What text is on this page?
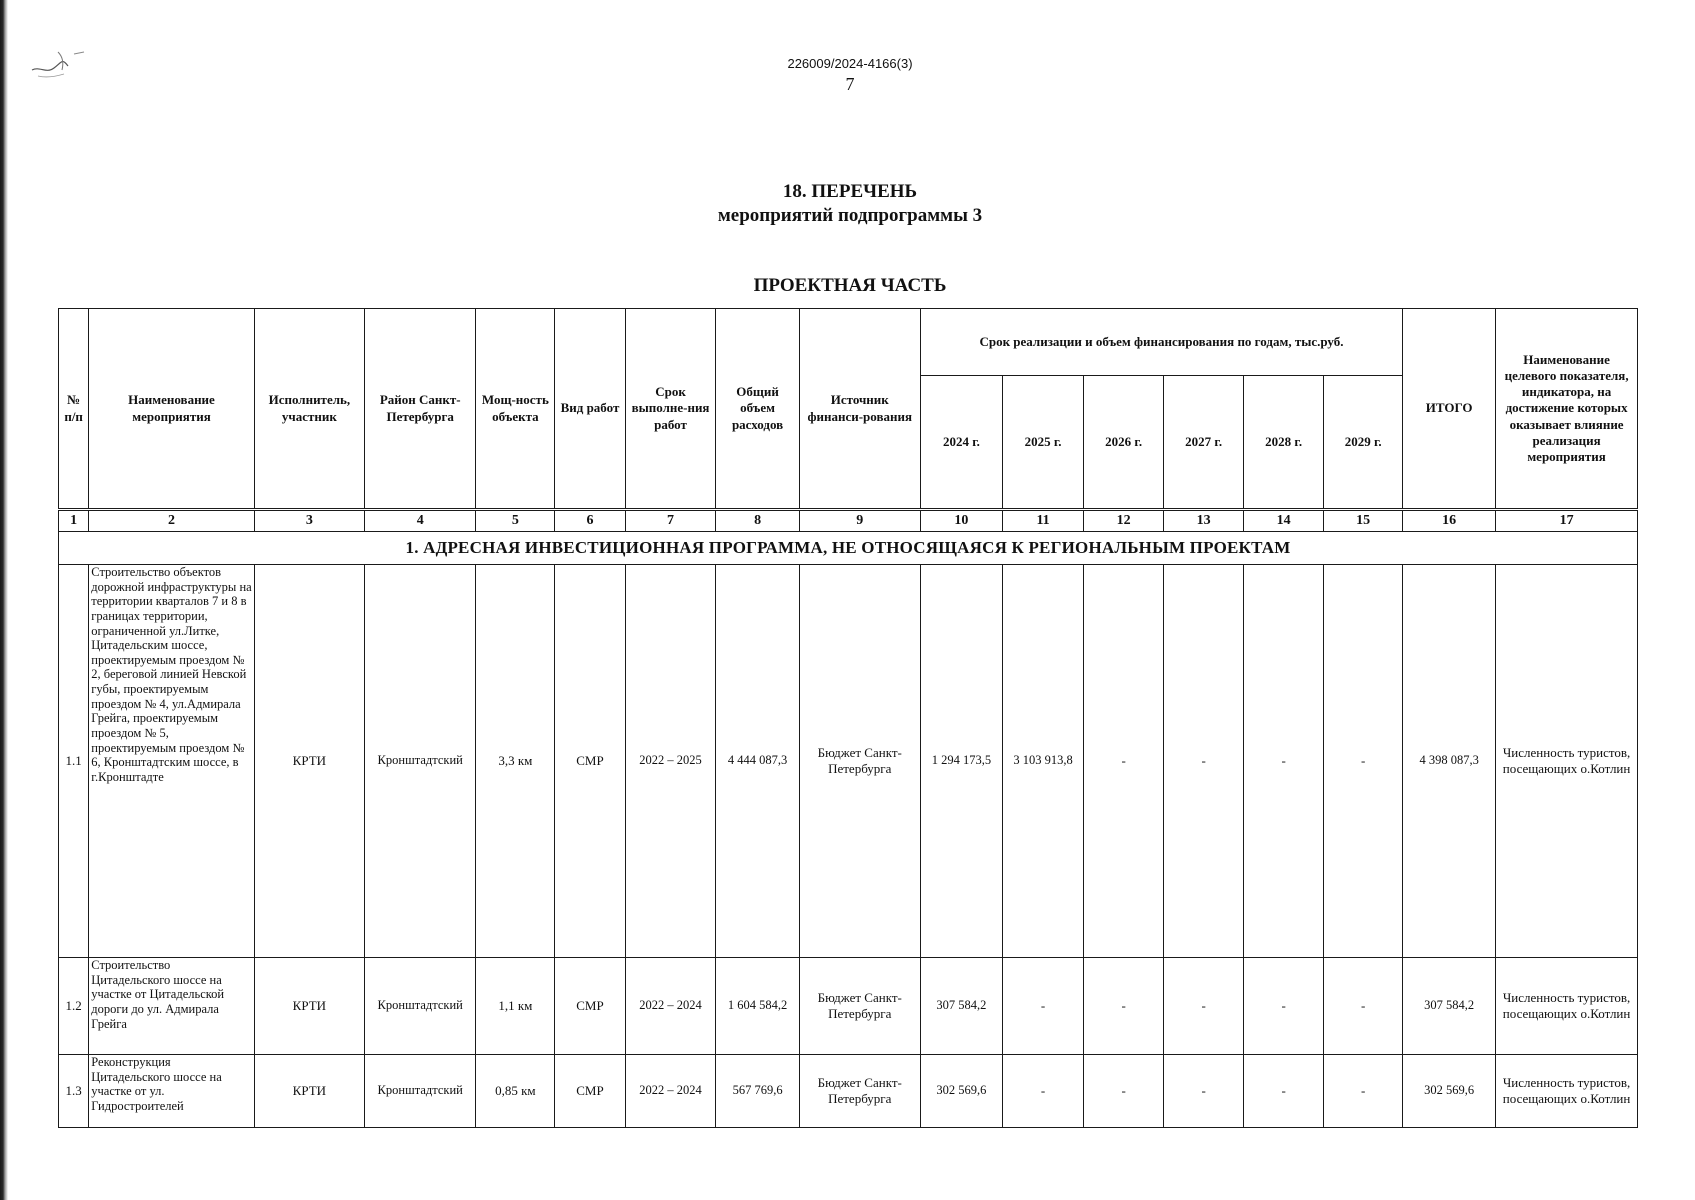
226009/2024-4166(3)
7
18. ПЕРЕЧЕНЬ
мероприятий подпрограммы 3
ПРОЕКТНАЯ ЧАСТЬ
№ п/п	Наименование мероприятия	Исполнитель, участник	Район Санкт-Петербурга	Мощ-ность объекта	Вид работ	Срок выполне-ния работ	Общий объем расходов	Источник финанси-рования	Срок реализации и объем финансирования по годам, тыс.руб.						ИТОГО	Наименование целевого показателя, индикатора, на достижение которых оказывает влияние реализация мероприятия
									2024 г.	2025 г.	2026 г.	2027 г.	2028 г.	2029 г.		
1	2	3	4	5	6	7	8	9	10	11	12	13	14	15	16	17
1. АДРЕСНАЯ ИНВЕСТИЦИОННАЯ ПРОГРАММА, НЕ ОТНОСЯЩАЯСЯ К РЕГИОНАЛЬНЫМ ПРОЕКТАМ																
1.1	Строительство объектов дорожной инфраструктуры на территории кварталов 7 и 8 в границах территории, ограниченной ул.Литке, Цитадельским шоссе, проектируемым проездом № 2, береговой линией Невской губы, проектируемым проездом № 4, ул.Адмирала Грейга, проектируемым проездом № 5, проектируемым проездом № 6, Кронштадтским шоссе, в г.Кронштадте	КРТИ	Кронштадтский	3,3 км	СМР	2022 – 2025	4 444 087,3	Бюджет Санкт-Петербурга	1 294 173,5	3 103 913,8	-	-	-	-	4 398 087,3	Численность туристов, посещающих о.Котлин
1.2	Строительство Цитадельского шоссе на участке от Цитадельской дороги до ул. Адмирала Грейга	КРТИ	Кронштадтский	1,1 км	СМР	2022 – 2024	1 604 584,2	Бюджет Санкт-Петербурга	307 584,2	-	-	-	-	-	307 584,2	Численность туристов, посещающих о.Котлин
1.3	Реконструкция Цитадельского шоссе на участке от ул. Гидростроителей	КРТИ	Кронштадтский	0,85 км	СМР	2022 – 2024	567 769,6	Бюджет Санкт-Петербурга	302 569,6	-	-	-	-	-	302 569,6	Численность туристов, посещающих о.Котлин
